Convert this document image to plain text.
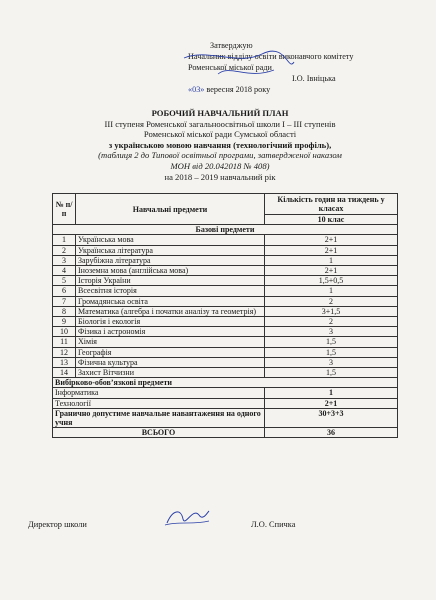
Затверджую
Начальник відділу освіти виконавчого комітету
Роменської міської ради
І.О. Івніцька
«03» вересня 2018 року
РОБОЧИЙ НАВЧАЛЬНИЙ ПЛАН
ІІІ ступеня Роменської загальноосвітньої школи І – ІІІ ступенів
Роменської міської ради Сумської області
з українською мовою навчання (технологічний профіль),
(таблиця 2 до Типової освітньої програми, затвердженої наказом
МОН від 20.042018 № 408)
на 2018 – 2019 навчальний рік
№ п/п	Навчальні предмети	Кількість годин на тиждень у класах
		10 клас
Базові предмети		
1	Українська мова	2+1
2	Українська література	2+1
3	Зарубіжна література	1
4	Іноземна мова (англійська мова)	2+1
5	Історія України	1,5+0,5
6	Всесвітня історія	1
7	Громадянська освіта	2
8	Математика (алгебра і початки аналізу та геометрія)	3+1,5
9	Біологія і екологія	2
10	Фізика і астрономія	3
11	Хімія	1,5
12	Географія	1,5
13	Фізична культура	3
14	Захист Вітчизни	1,5
Вибірково-обов’язкові предмети		
Інформатика		1
Технології		2+1
Гранично допустиме навчальне навантаження на одного учня		30+3+3
ВСЬОГО		36
Директор школи	Л.О. Спичка
